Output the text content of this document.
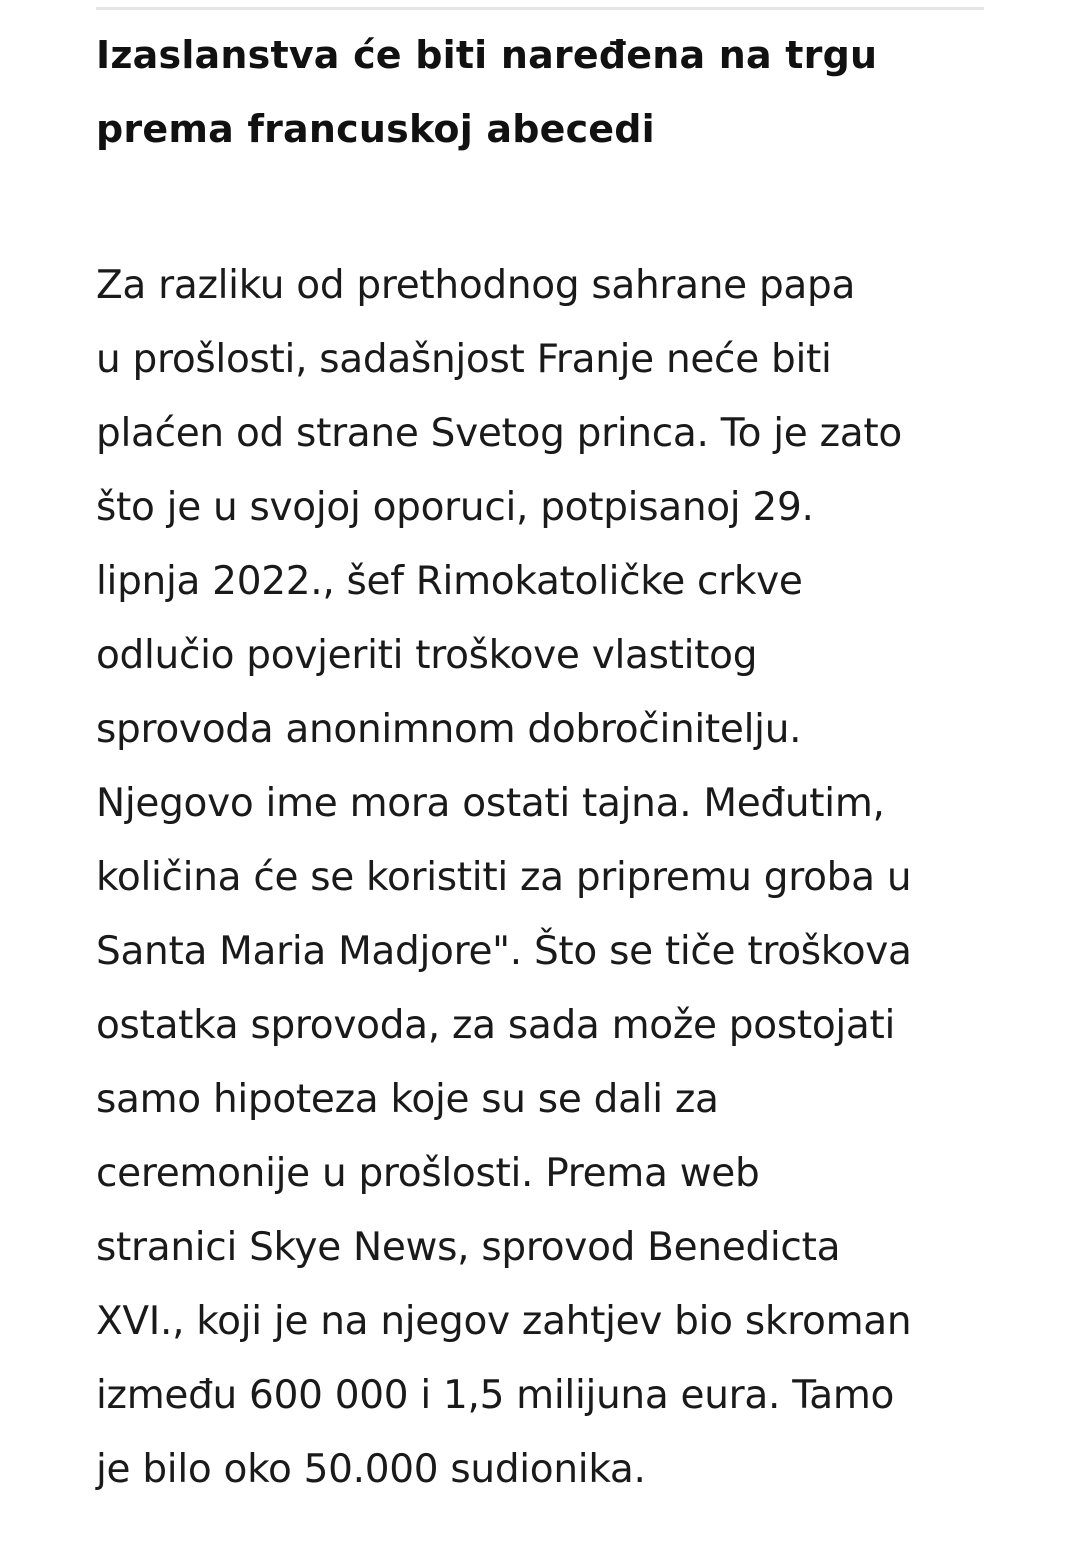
Izaslanstva će biti naređena na trgu
prema francuskoj abecedi

Za razliku od prethodnog sahrane papa
u prošlosti, sadašnjost Franje neće biti
plaćen od strane Svetog princa. To je zato
što je u svojoj oporuci, potpisanoj 29.
lipnja 2022., šef Rimokatoličke crkve
odlučio povjeriti troškove vlastitog
sprovoda anonimnom dobročinitelju.
Njegovo ime mora ostati tajna. Međutim,
količina će se koristiti za pripremu groba u
Santa Maria Madjore". Što se tiče troškova
ostatka sprovoda, za sada može postojati
samo hipoteza koje su se dali za
ceremonije u prošlosti. Prema web
stranici Skye News, sprovod Benedicta
XVI., koji je na njegov zahtjev bio skroman
između 600 000 i 1,5 milijuna eura. Tamo
je bilo oko 50.000 sudionika.
